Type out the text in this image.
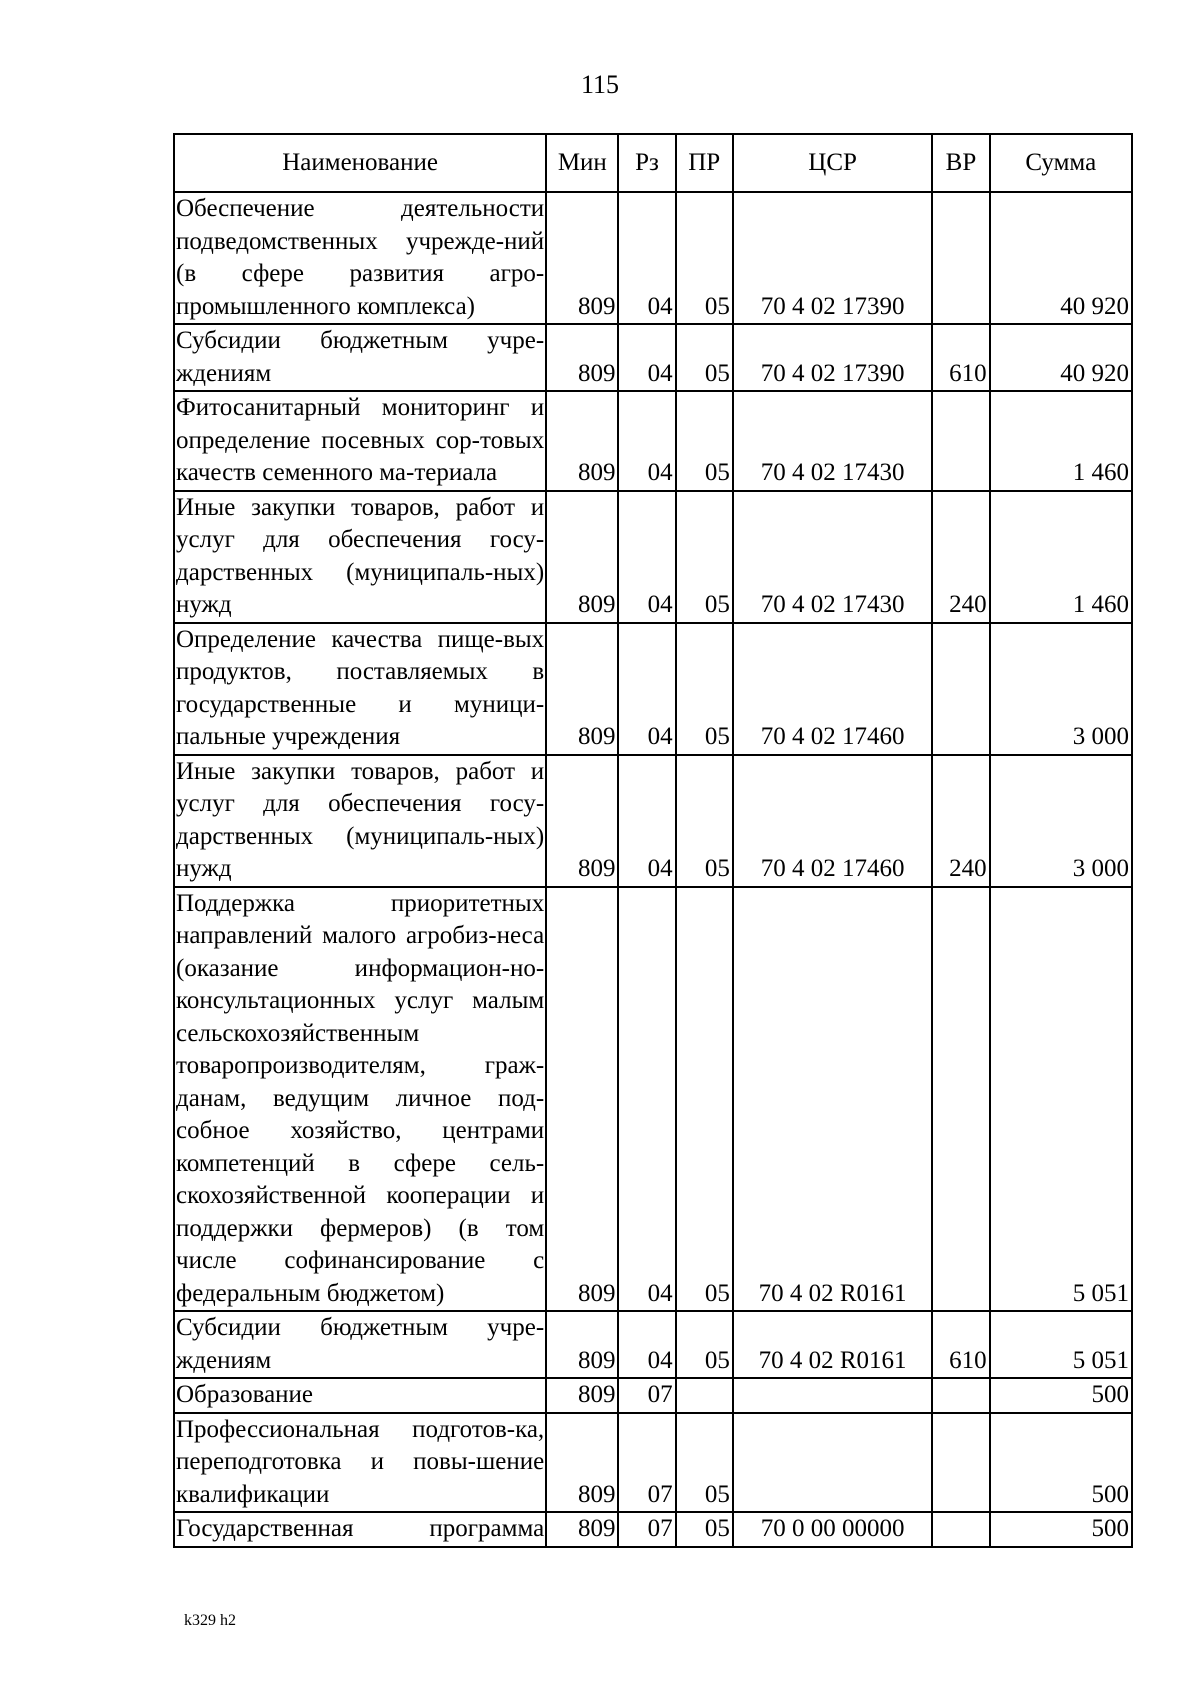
115
Наименование	Мин	Рз	ПР	ЦСР	ВР	Сумма
Обеспечение деятельности подведомственных учрежде-ний (в сфере развития агро-промышленного комплекса)	809	04	05	70 4 02 17390		40 920
Субсидии бюджетным учре-ждениям	809	04	05	70 4 02 17390	610	40 920
Фитосанитарный мониторинг и определение посевных сор-товых качеств семенного ма-териала	809	04	05	70 4 02 17430		1 460
Иные закупки товаров, работ и услуг для обеспечения госу-дарственных (муниципаль-ных) нужд	809	04	05	70 4 02 17430	240	1 460
Определение качества пище-вых продуктов, поставляемых в государственные и муници-пальные учреждения	809	04	05	70 4 02 17460		3 000
Иные закупки товаров, работ и услуг для обеспечения госу-дарственных (муниципаль-ных) нужд	809	04	05	70 4 02 17460	240	3 000
Поддержка приоритетных направлений малого агробиз-неса (оказание информацион-но-консультационных услуг малым сельскохозяйственным товаропроизводителям, граж-данам, ведущим личное под-собное хозяйство, центрами компетенций в сфере сель-скохозяйственной кооперации и поддержки фермеров) (в том числе софинансирование с федеральным бюджетом)	809	04	05	70 4 02 R0161		5 051
Субсидии бюджетным учре-ждениям	809	04	05	70 4 02 R0161	610	5 051
Образование	809	07				500
Профессиональная подготов-ка, переподготовка и повы-шение квалификации	809	07	05			500
Государственная программа	809	07	05	70 0 00 00000		500
k329 h2
